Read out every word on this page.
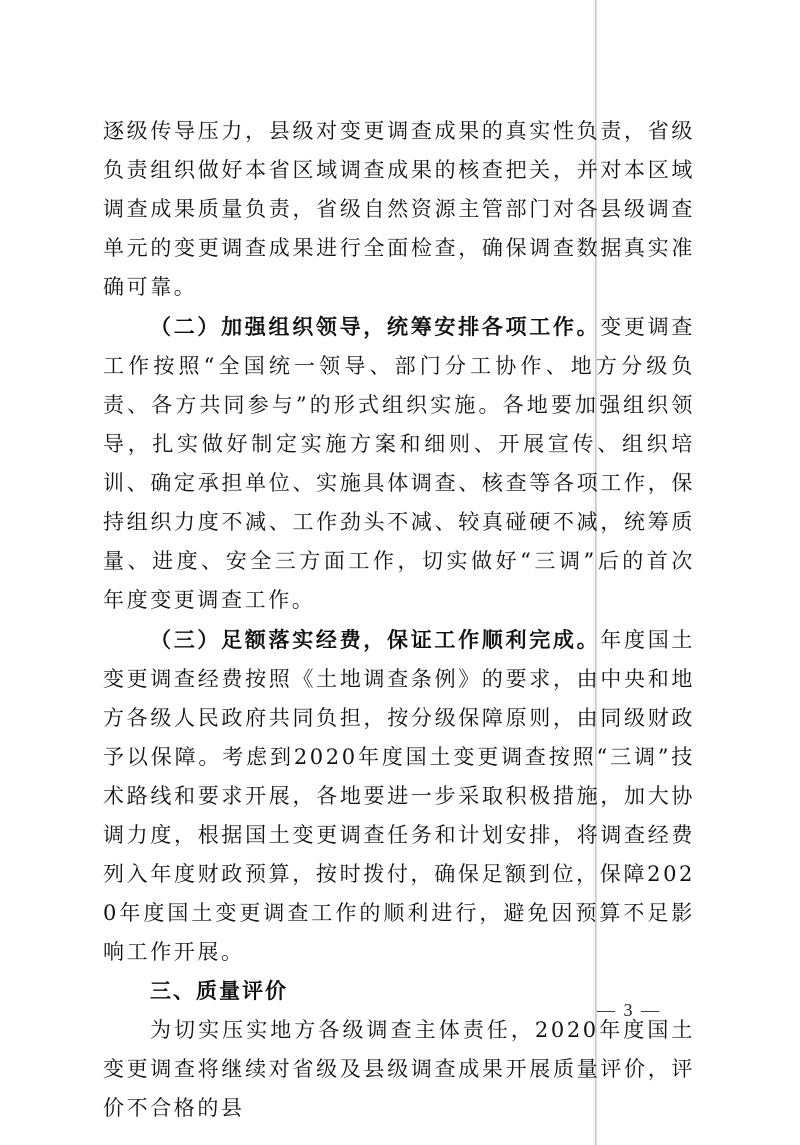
逐级传导压力，县级对变更调查成果的真实性负责，省级负责组织做好本省区域调查成果的核查把关，并对本区域调查成果质量负责，省级自然资源主管部门对各县级调查单元的变更调查成果进行全面检查，确保调查数据真实准确可靠。

（二）加强组织领导，统筹安排各项工作。变更调查工作按照“全国统一领导、部门分工协作、地方分级负责、各方共同参与”的形式组织实施。各地要加强组织领导，扎实做好制定实施方案和细则、开展宣传、组织培训、确定承担单位、实施具体调查、核查等各项工作，保持组织力度不减、工作劲头不减、较真碰硬不减，统筹质量、进度、安全三方面工作，切实做好“三调”后的首次年度变更调查工作。

（三）足额落实经费，保证工作顺利完成。年度国土变更调查经费按照《土地调查条例》的要求，由中央和地方各级人民政府共同负担，按分级保障原则，由同级财政予以保障。考虑到2020年度国土变更调查按照“三调”技术路线和要求开展，各地要进一步采取积极措施，加大协调力度，根据国土变更调查任务和计划安排，将调查经费列入年度财政预算，按时拨付，确保足额到位，保障2020年度国土变更调查工作的顺利进行，避免因预算不足影响工作开展。

三、质量评价

为切实压实地方各级调查主体责任，2020年度国土变更调查将继续对省级及县级调查成果开展质量评价，评价不合格的县

— 3 —
